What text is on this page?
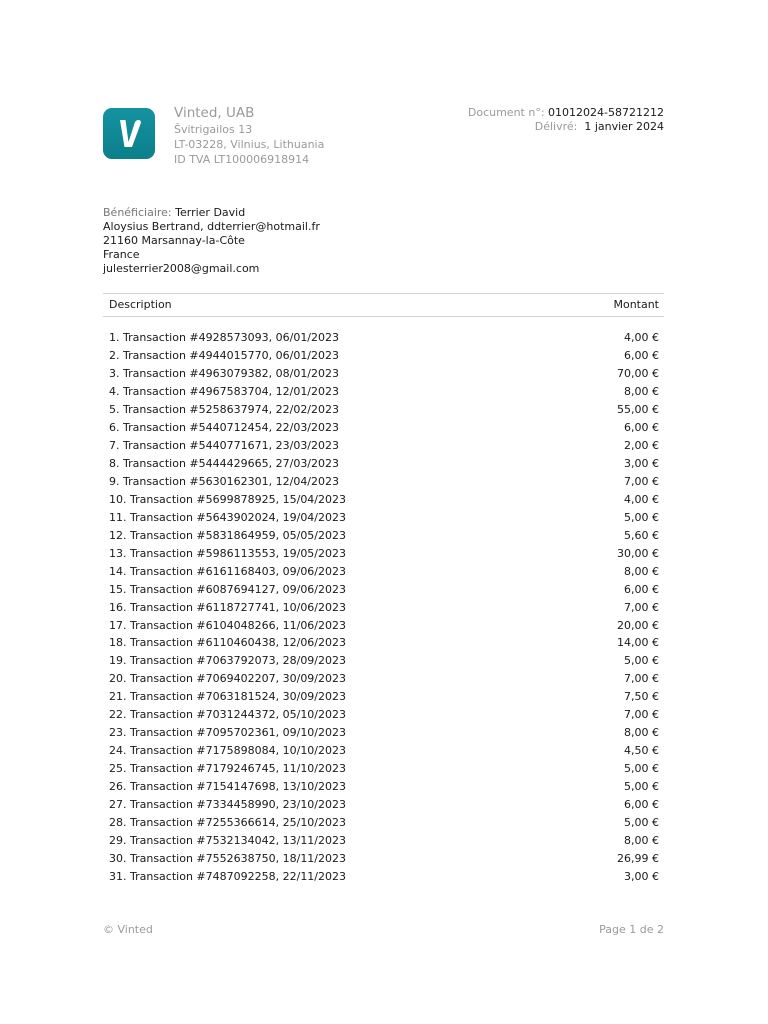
Vinted, UAB
Švitrigailos 13
LT-03228, Vilnius, Lithuania
ID TVA LT100006918914
Document n°: 01012024-58721212
Délivré: 1 janvier 2024
Bénéficiaire: Terrier David
Aloysius Bertrand, ddterrier@hotmail.fr
21160 Marsannay-la-Côte
France
julesterrier2008@gmail.com
Description	Montant
1. Transaction #4928573093, 06/01/2023	4,00 €
2. Transaction #4944015770, 06/01/2023	6,00 €
3. Transaction #4963079382, 08/01/2023	70,00 €
4. Transaction #4967583704, 12/01/2023	8,00 €
5. Transaction #5258637974, 22/02/2023	55,00 €
6. Transaction #5440712454, 22/03/2023	6,00 €
7. Transaction #5440771671, 23/03/2023	2,00 €
8. Transaction #5444429665, 27/03/2023	3,00 €
9. Transaction #5630162301, 12/04/2023	7,00 €
10. Transaction #5699878925, 15/04/2023	4,00 €
11. Transaction #5643902024, 19/04/2023	5,00 €
12. Transaction #5831864959, 05/05/2023	5,60 €
13. Transaction #5986113553, 19/05/2023	30,00 €
14. Transaction #6161168403, 09/06/2023	8,00 €
15. Transaction #6087694127, 09/06/2023	6,00 €
16. Transaction #6118727741, 10/06/2023	7,00 €
17. Transaction #6104048266, 11/06/2023	20,00 €
18. Transaction #6110460438, 12/06/2023	14,00 €
19. Transaction #7063792073, 28/09/2023	5,00 €
20. Transaction #7069402207, 30/09/2023	7,00 €
21. Transaction #7063181524, 30/09/2023	7,50 €
22. Transaction #7031244372, 05/10/2023	7,00 €
23. Transaction #7095702361, 09/10/2023	8,00 €
24. Transaction #7175898084, 10/10/2023	4,50 €
25. Transaction #7179246745, 11/10/2023	5,00 €
26. Transaction #7154147698, 13/10/2023	5,00 €
27. Transaction #7334458990, 23/10/2023	6,00 €
28. Transaction #7255366614, 25/10/2023	5,00 €
29. Transaction #7532134042, 13/11/2023	8,00 €
30. Transaction #7552638750, 18/11/2023	26,99 €
31. Transaction #7487092258, 22/11/2023	3,00 €
© Vinted	Page 1 de 2
